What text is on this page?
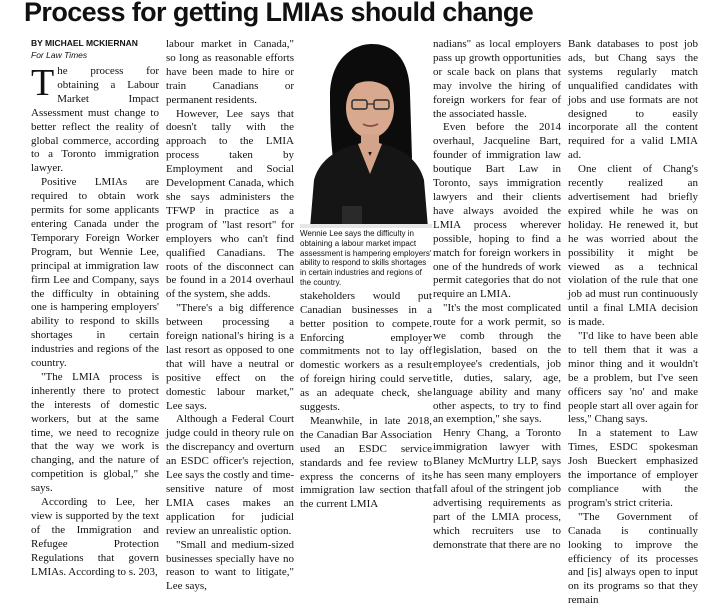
Process for getting LMIAs should change
BY MICHAEL MCKIERNAN
For Law Times

The process for obtaining a Labour Market Impact Assessment must change to better reflect the reality of global commerce, according to a Toronto immigration lawyer.

Positive LMIAs are required to obtain work permits for some applicants entering Canada under the Temporary Foreign Worker Program, but Wennie Lee, principal at immigration law firm Lee and Company, says the difficulty in obtaining one is hampering employers' ability to respond to skills shortages in certain industries and regions of the country.

"The LMIA process is inherently there to protect the interests of domestic workers, but at the same time, we need to recognize that the way we work is changing, and the nature of competition is global," she says.

According to Lee, her view is supported by the text of the Immigration and Refugee Protection Regulations that govern LMIAs. According to s. 203,

labour market in Canada," so long as reasonable efforts have been made to hire or train Canadians or permanent residents.

However, Lee says that doesn't tally with the approach to the LMIA process taken by Employment and Social Development Canada, which she says administers the TFWP in practice as a program of "last resort" for employers who can't find qualified Canadians. The roots of the disconnect can be found in a 2014 overhaul of the system, she adds.

"There's a big difference between processing a foreign national's hiring is a last resort as opposed to one that will have a neutral or positive effect on the domestic labour market," Lee says.

Although a Federal Court judge could in theory rule on the discrepancy and overturn an ESDC officer's rejection, Lee says the costly and time-sensitive nature of most LMIA cases makes an application for judicial review an unrealistic option.

"Small and medium-sized businesses specially have no reason to want to litigate," Lee says,

Wennie Lee says the difficulty in obtaining a labour market impact assessment is hampering employers' ability to respond to skills shortages in certain industries and regions of the country.

stakeholders would put Canadian businesses in a better position to compete. Enforcing employer commitments not to lay off domestic workers as a result of foreign hiring could serve as an adequate check, she suggests.

Meanwhile, in late 2018, the Canadian Bar Association used an ESDC service standards and fee review to express the concerns of its immigration law section that the current LMIA

nadians" as local employers pass up growth opportunities or scale back on plans that may involve the hiring of foreign workers for fear of the associated hassle.

Even before the 2014 overhaul, Jacqueline Bart, founder of immigration law boutique Bart Law in Toronto, says immigration lawyers and their clients have always avoided the LMIA process wherever possible, hoping to find a match for foreign workers in one of the hundreds of work permit categories that do not require an LMIA.

"It's the most complicated route for a work permit, so we comb through the legislation, based on the employee's credentials, job title, duties, salary, age, language ability and many other aspects, to try to find an exemption," she says.

Henry Chang, a Toronto immigration lawyer with Blaney McMurtry LLP, says he has seen many employers fall afoul of the stringent job advertising requirements as part of the LMIA process, which recruiters use to demonstrate that there are no

Bank databases to post job ads, but Chang says the systems regularly match unqualified candidates with jobs and use formats are not designed to easily incorporate all the content required for a valid LMIA ad.

One client of Chang's recently realized an advertisement had briefly expired while he was on holiday. He renewed it, but he was worried about the possibility it might be viewed as a technical violation of the rule that one job ad must run continuously until a final LMIA decision is made.

"I'd like to have been able to tell them that it was a minor thing and it wouldn't be a problem, but I've seen officers say 'no' and make people start all over again for less," Chang says.

In a statement to Law Times, ESDC spokesman Josh Bueckert emphasized the importance of employer compliance with the program's strict criteria.

"The Government of Canada is continually looking to improve the efficiency of its processes and [is] always open to input on its programs so that they remain
